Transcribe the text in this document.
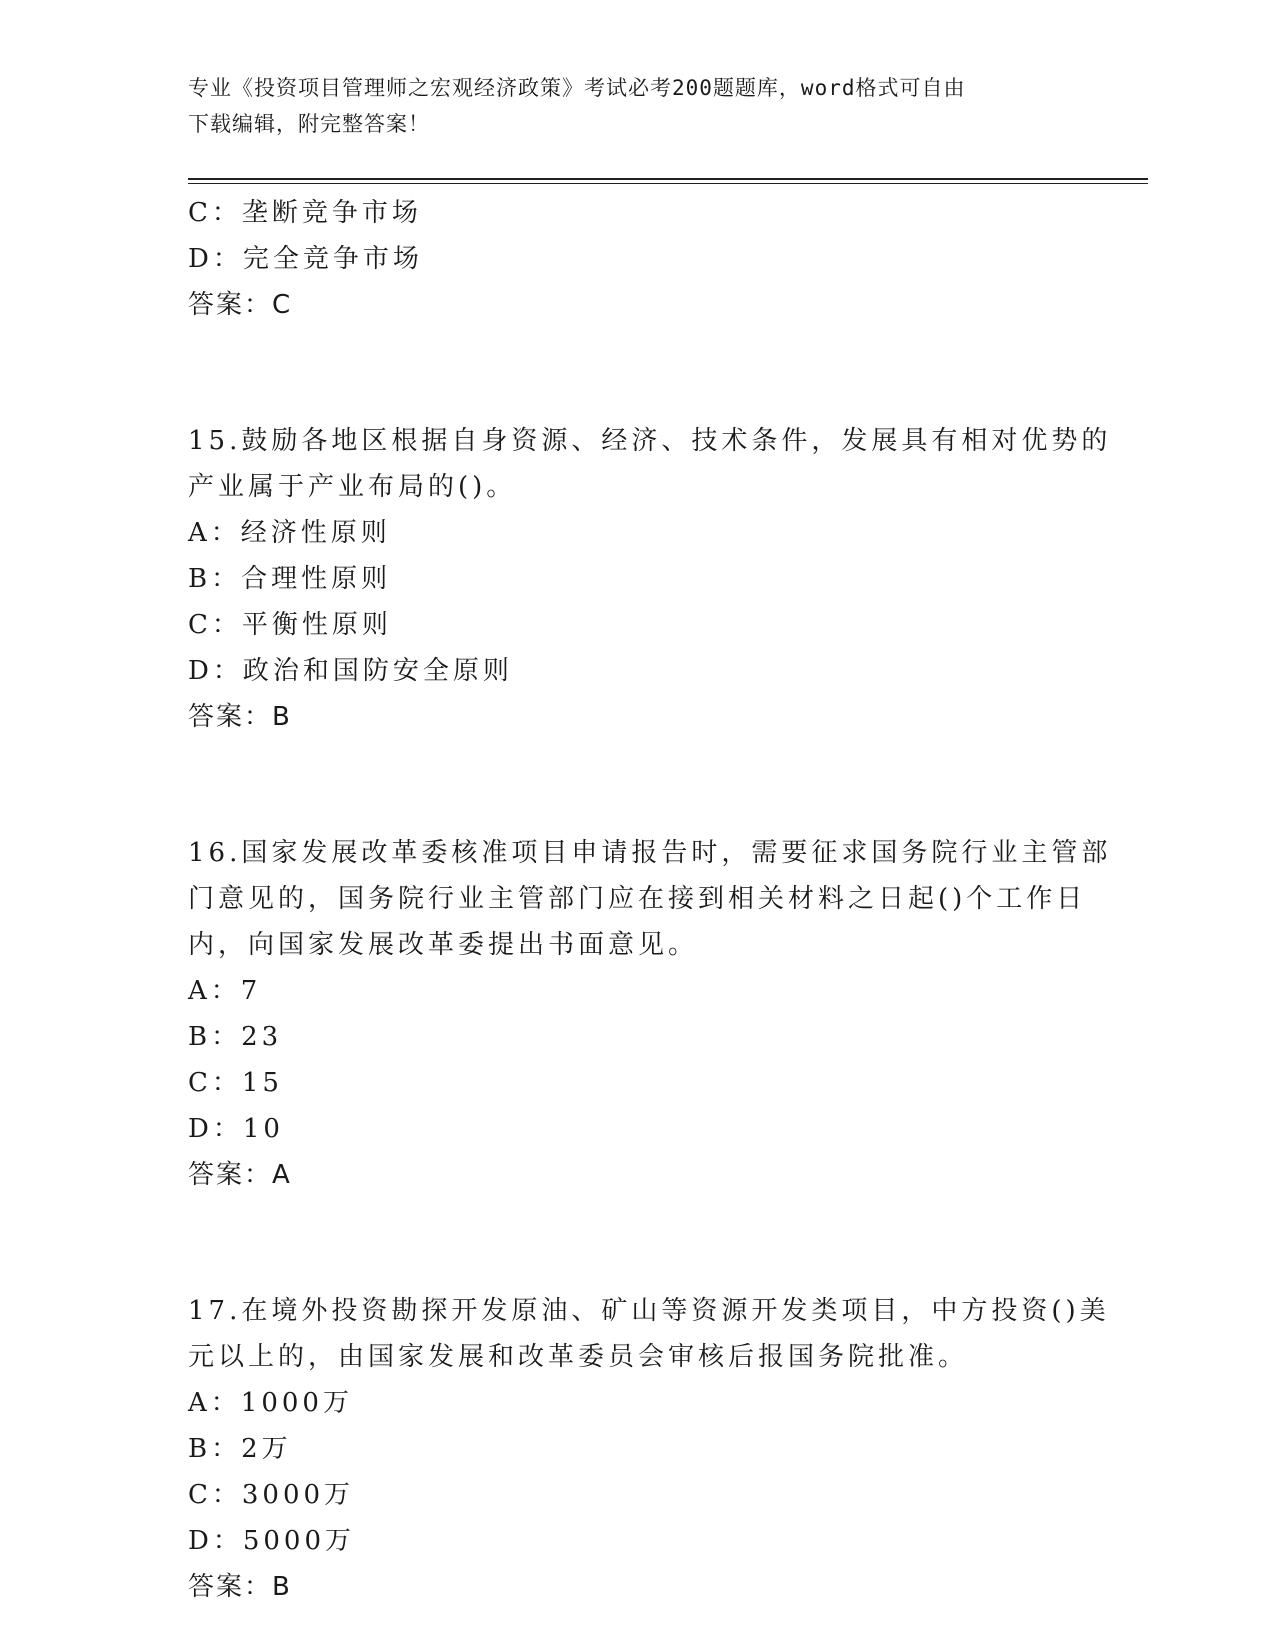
专业《投资项目管理师之宏观经济政策》考试必考200题题库，word格式可自由
下载编辑，附完整答案！
C：垄断竞争市场
D：完全竞争市场
答案：C
15.鼓励各地区根据自身资源、经济、技术条件，发展具有相对优势的
产业属于产业布局的()。
A：经济性原则
B：合理性原则
C：平衡性原则
D：政治和国防安全原则
答案：B
16.国家发展改革委核准项目申请报告时，需要征求国务院行业主管部
门意见的，国务院行业主管部门应在接到相关材料之日起()个工作日
内，向国家发展改革委提出书面意见。
A：7
B：23
C：15
D：10
答案：A
17.在境外投资勘探开发原油、矿山等资源开发类项目，中方投资()美
元以上的，由国家发展和改革委员会审核后报国务院批准。
A：1000万
B：2万
C：3000万
D：5000万
答案：B
